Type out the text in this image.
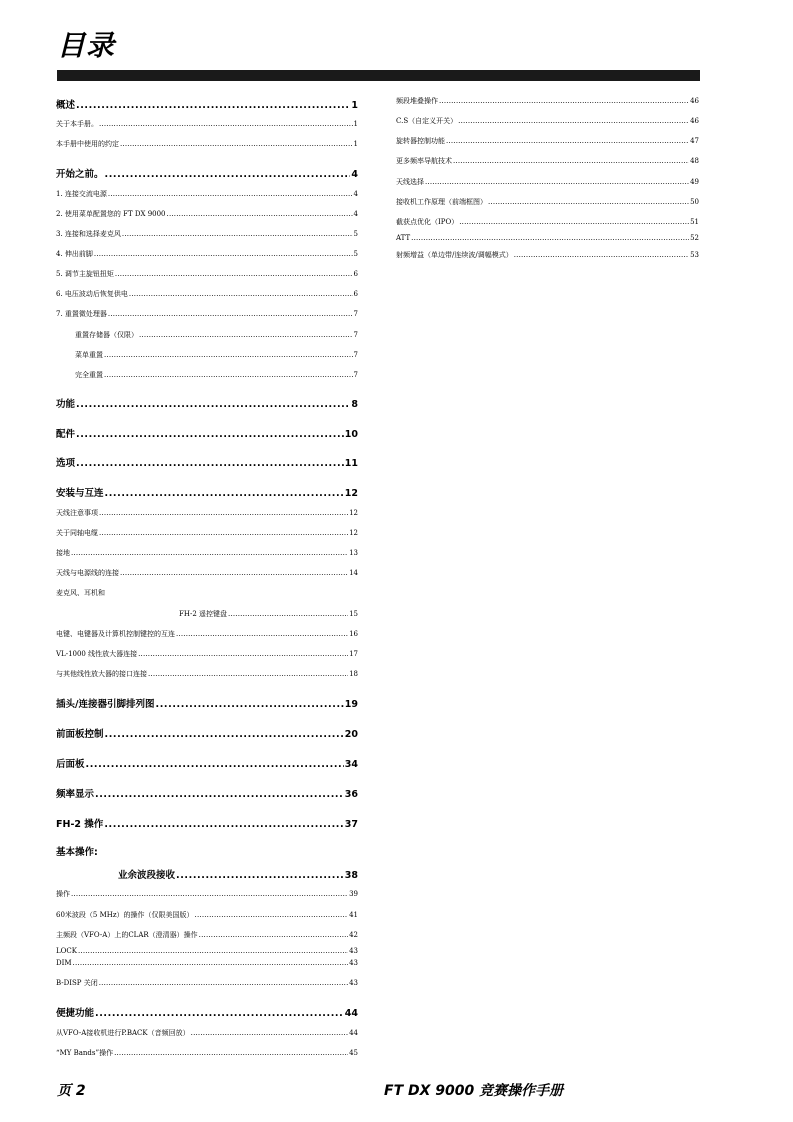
目录
概述 .....	1
关于本手册。 .....	1
本手册中使用的约定 .....	1
开始之前。 .....	4
1. 连接交流电源 .....	4
2. 使用菜单配置您的 FT DX 9000 .....	4
3. 连接和选择麦克风 .....	5
4. 伸出前脚 .....	5
5. 调节主旋钮扭矩 .....	6
6. 电压波动后恢复供电 .....	6
7. 重置微处理器 .....	7
重置存储器（仅限） .....	7
菜单重置 .....	7
完全重置 .....	7
功能 .....	8
配件 .....	10
选项 .....	11
安装与互连 .....	12
天线注意事项 .....	12
关于同轴电缆 .....	12
接地 .....	13
天线与电源线的连接 .....	14
麦克风、耳机和
FH-2 遥控键盘 .....	15
电键、电键器及计算机控制键控的互连 .....	16
VL-1000 线性放大器连接 .....	17
与其他线性放大器的接口连接 .....	18
插头/连接器引脚排列图 .....	19
前面板控制 .....	20
后面板 .....	34
频率显示 .....	36
FH-2 操作 .....	37
基本操作:
业余波段接收 .....	38
操作 .....	39
60米波段（5 MHz）的操作（仅限美国版） .....	41
主频段（VFO-A）上的CLAR（澄清器）操作 .....	42
LOCK .....	43
DIM .....	43
B-DISP 关闭 .....	43
便捷功能 .....	44
从VFO-A接收机进行P.BACK（音频回放） .....	44
“MY Bands”操作 .....	45
频段堆叠操作 .....	46
C.S（自定义开关） .....	46
旋转器控制功能 .....	47
更多频率导航技术 .....	48
天线选择 .....	49
接收机工作原理（前端框图） .....	50
截获点优化（IPO） .....	51
ATT .....	52
射频增益（单边带/连续波/调幅模式） .....	53
页 2	FT DX 9000 竞赛操作手册
